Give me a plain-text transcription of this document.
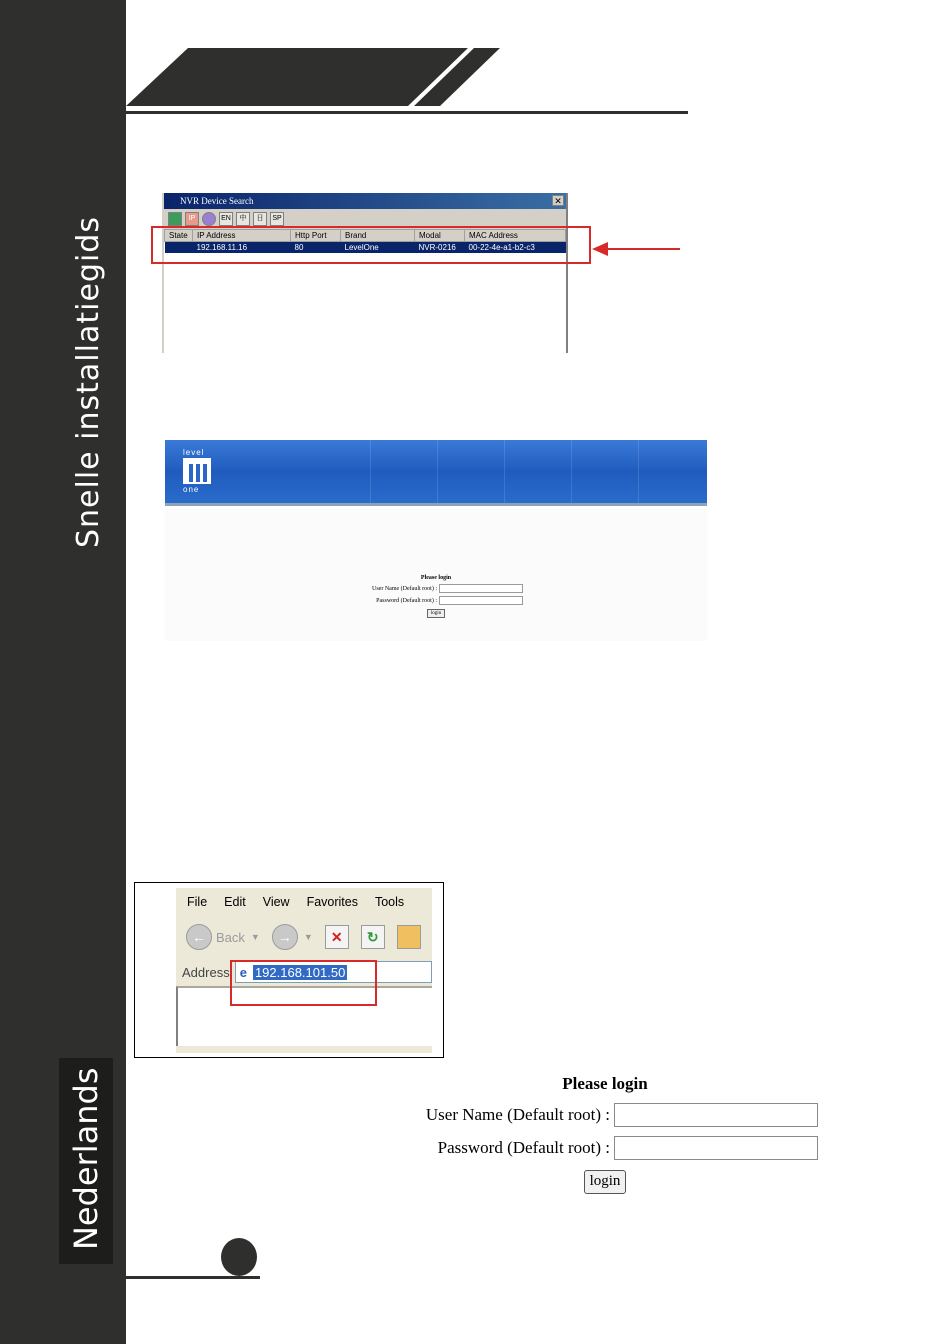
Snelle installatiegids
Nederlands
NVR Device Search	✕
IP	EN	中	日	SP
State	IP Address	Http Port	Brand	Modal	MAC Address
	192.168.11.16	80	LevelOne	NVR-0216	00-22-4e-a1-b2-c3
level
one
Please login
User Name (Default root) :
Password (Default root) :
login
File Edit View Favorites Tools
← Back ▼	→	▼	✕	↻
Address e 192.168.101.50
Please login
User Name (Default root) :
Password (Default root) :
login
